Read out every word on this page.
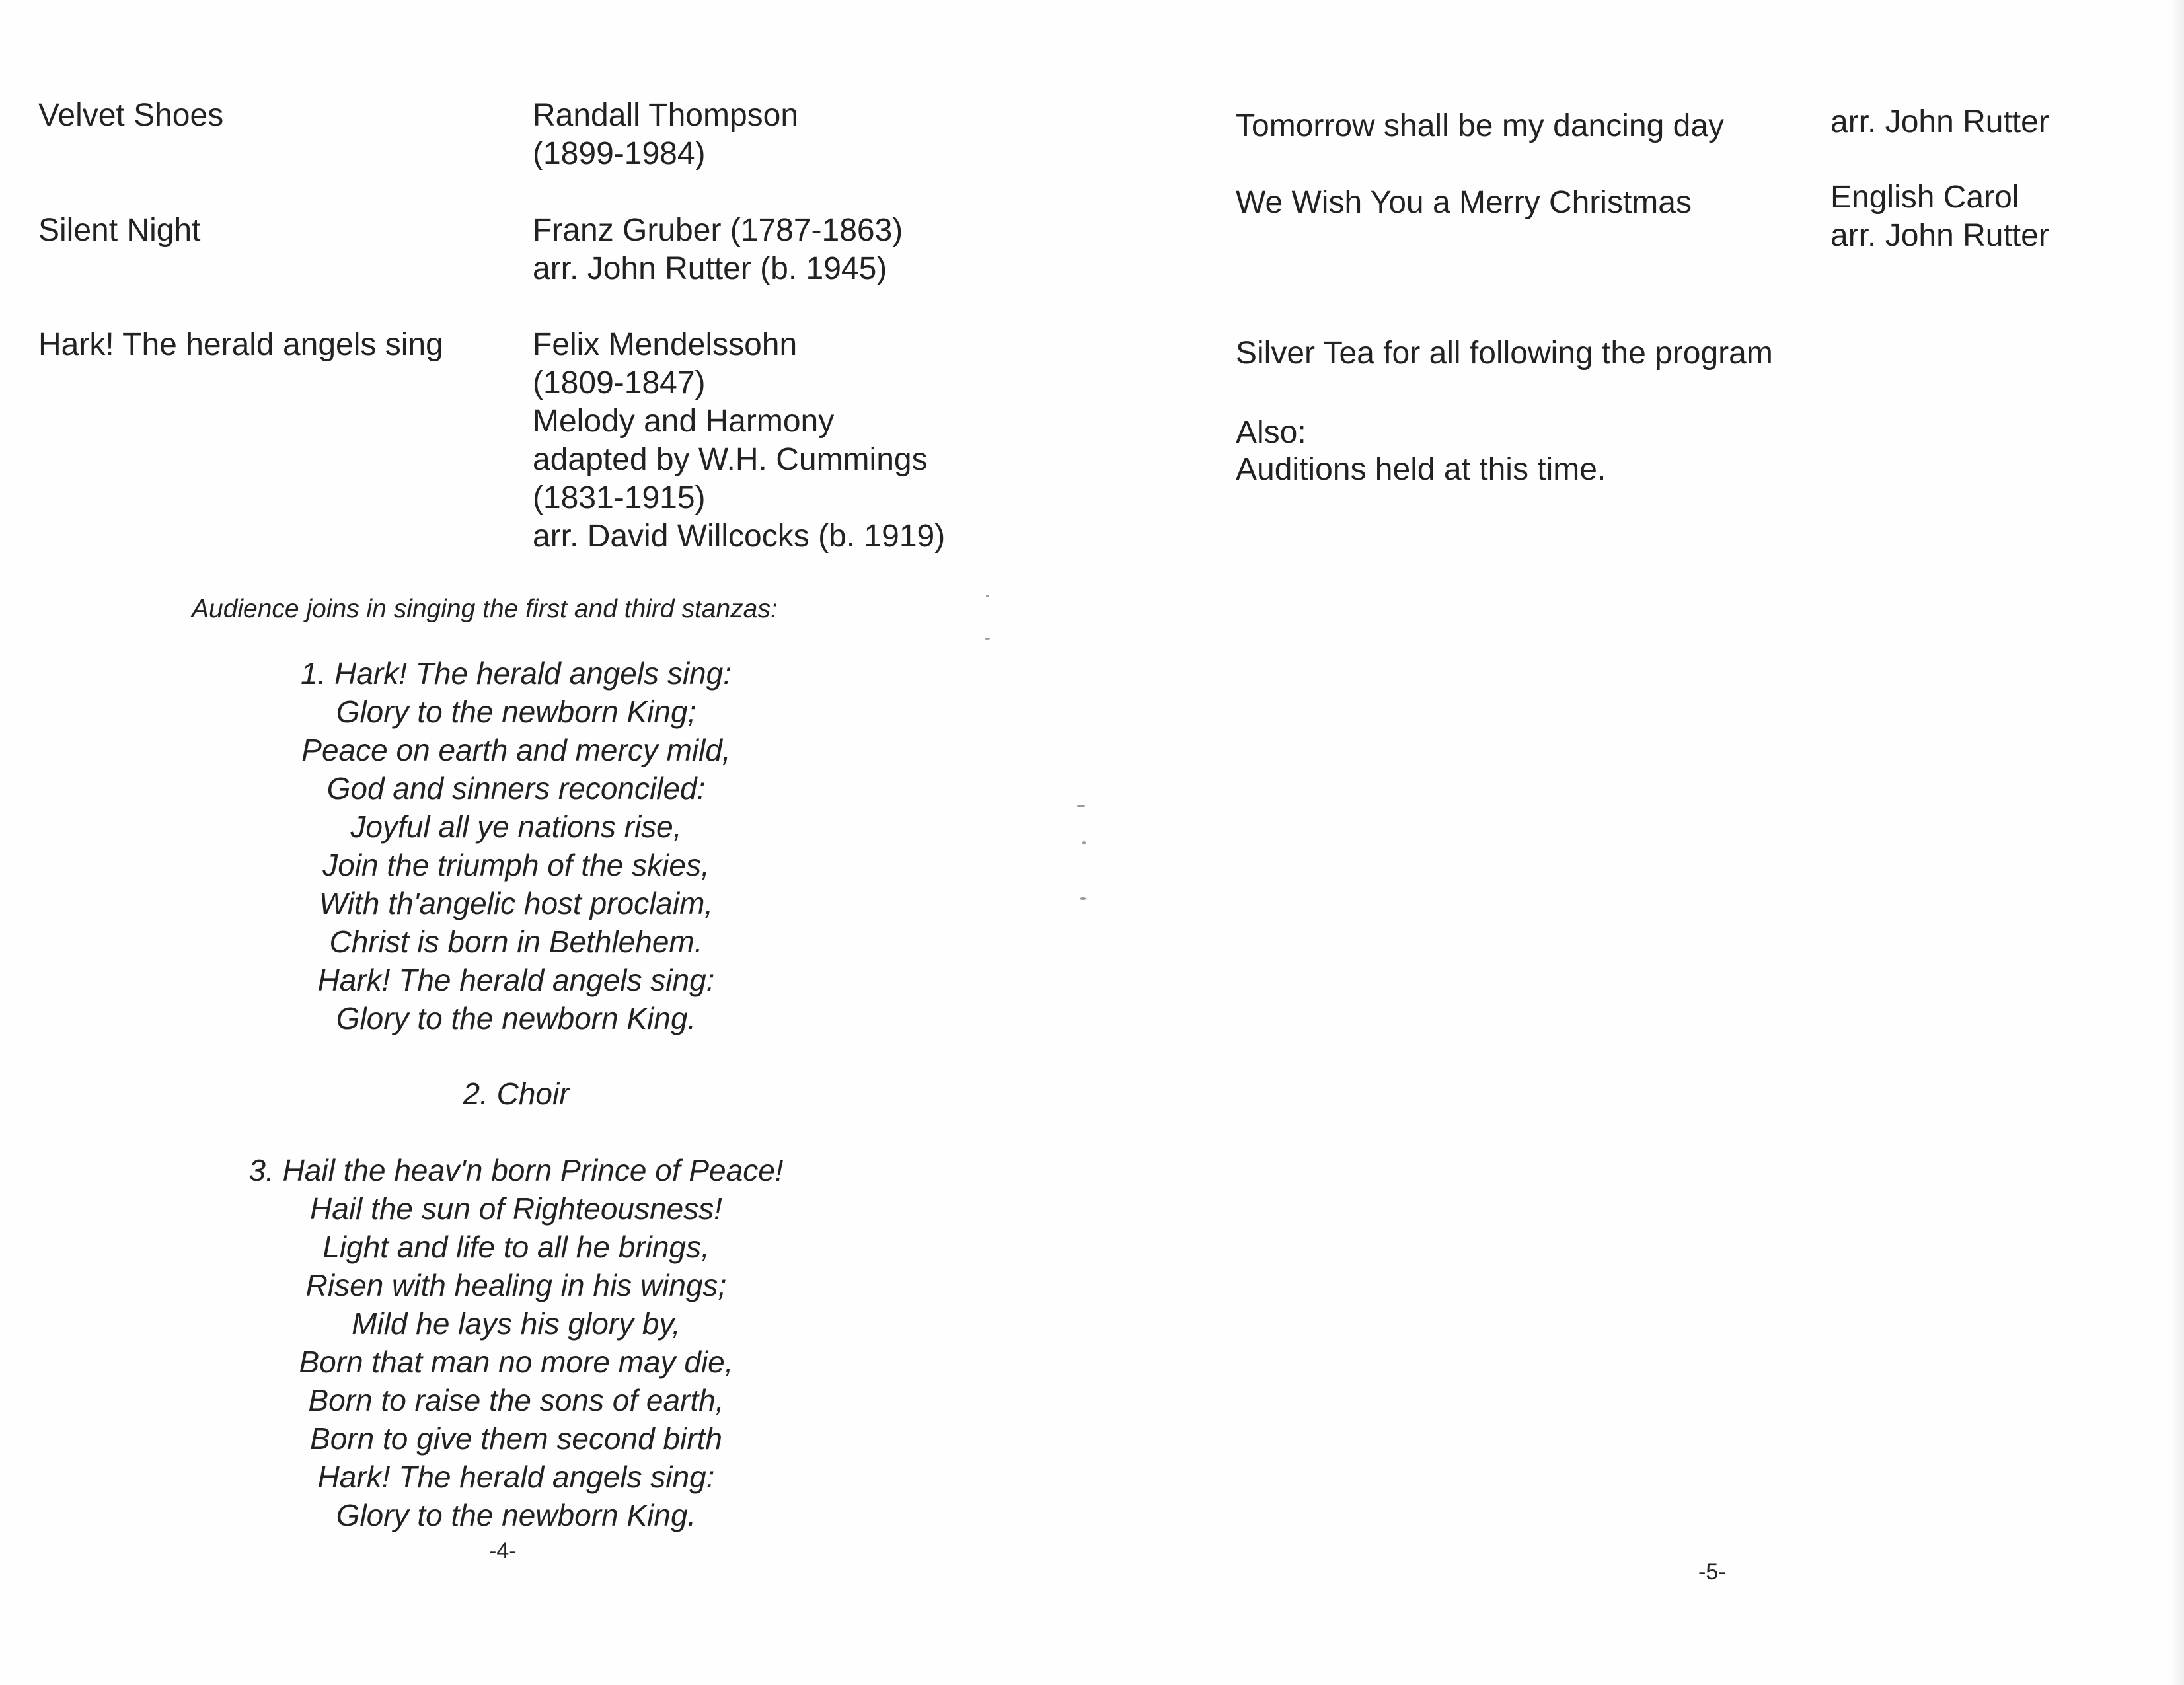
Velvet Shoes	Randall Thompson
(1899-1984)
Silent Night	Franz Gruber (1787-1863)
arr. John Rutter (b. 1945)
Hark! The herald angels sing	Felix Mendelssohn
(1809-1847)
Melody and Harmony
adapted by W.H. Cummings
(1831-1915)
arr. David Willcocks (b. 1919)
Audience joins in singing the first and third stanzas:
1. Hark! The herald angels sing:
Glory to the newborn King;
Peace on earth and mercy mild,
God and sinners reconciled:
Joyful all ye nations rise,
Join the triumph of the skies,
With th'angelic host proclaim,
Christ is born in Bethlehem.
Hark! The herald angels sing:
Glory to the newborn King.
2. Choir
3. Hail the heav'n born Prince of Peace!
Hail the sun of Righteousness!
Light and life to all he brings,
Risen with healing in his wings;
Mild he lays his glory by,
Born that man no more may die,
Born to raise the sons of earth,
Born to give them second birth
Hark! The herald angels sing:
Glory to the newborn King.
-4-
Tomorrow shall be my dancing day	arr. John Rutter
We Wish You a Merry Christmas	English Carol
arr. John Rutter
Silver Tea for all following the program
Also:
Auditions held at this time.
-5-
